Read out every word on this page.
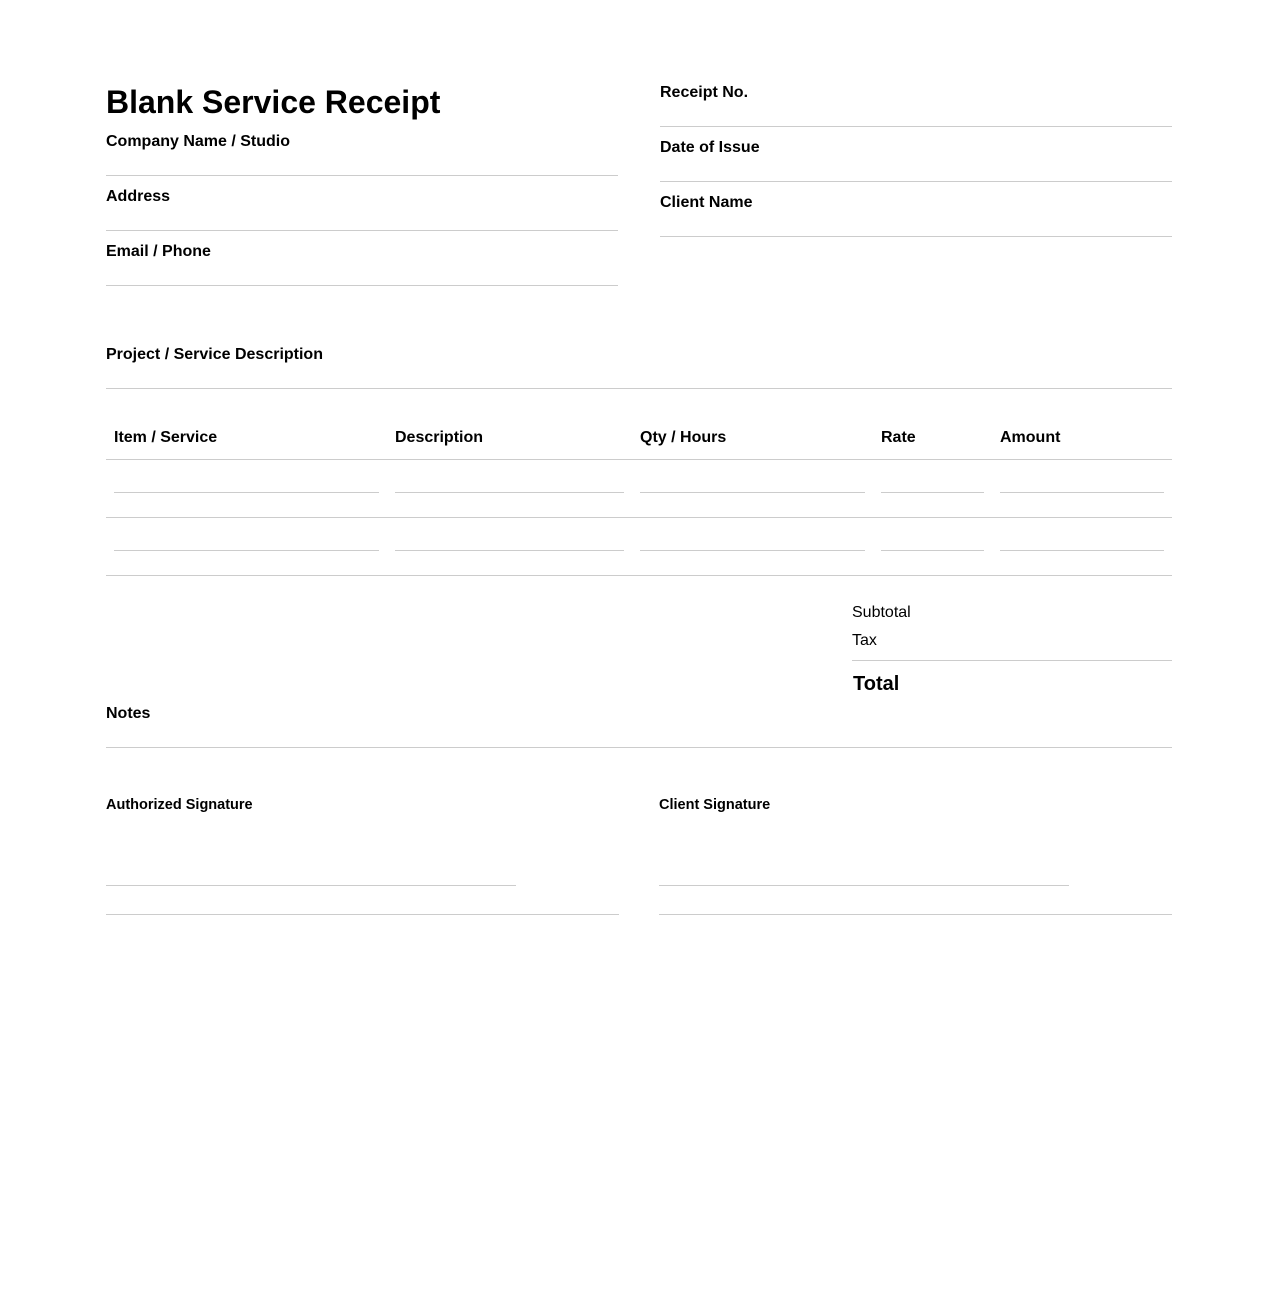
Blank Service Receipt
Company Name / Studio
Address
Email / Phone
Receipt No.
Date of Issue
Client Name
Project / Service Description
Item / Service	Description	Qty / Hours	Rate	Amount
Subtotal
Tax
Total
Notes
Authorized Signature	Client Signature
